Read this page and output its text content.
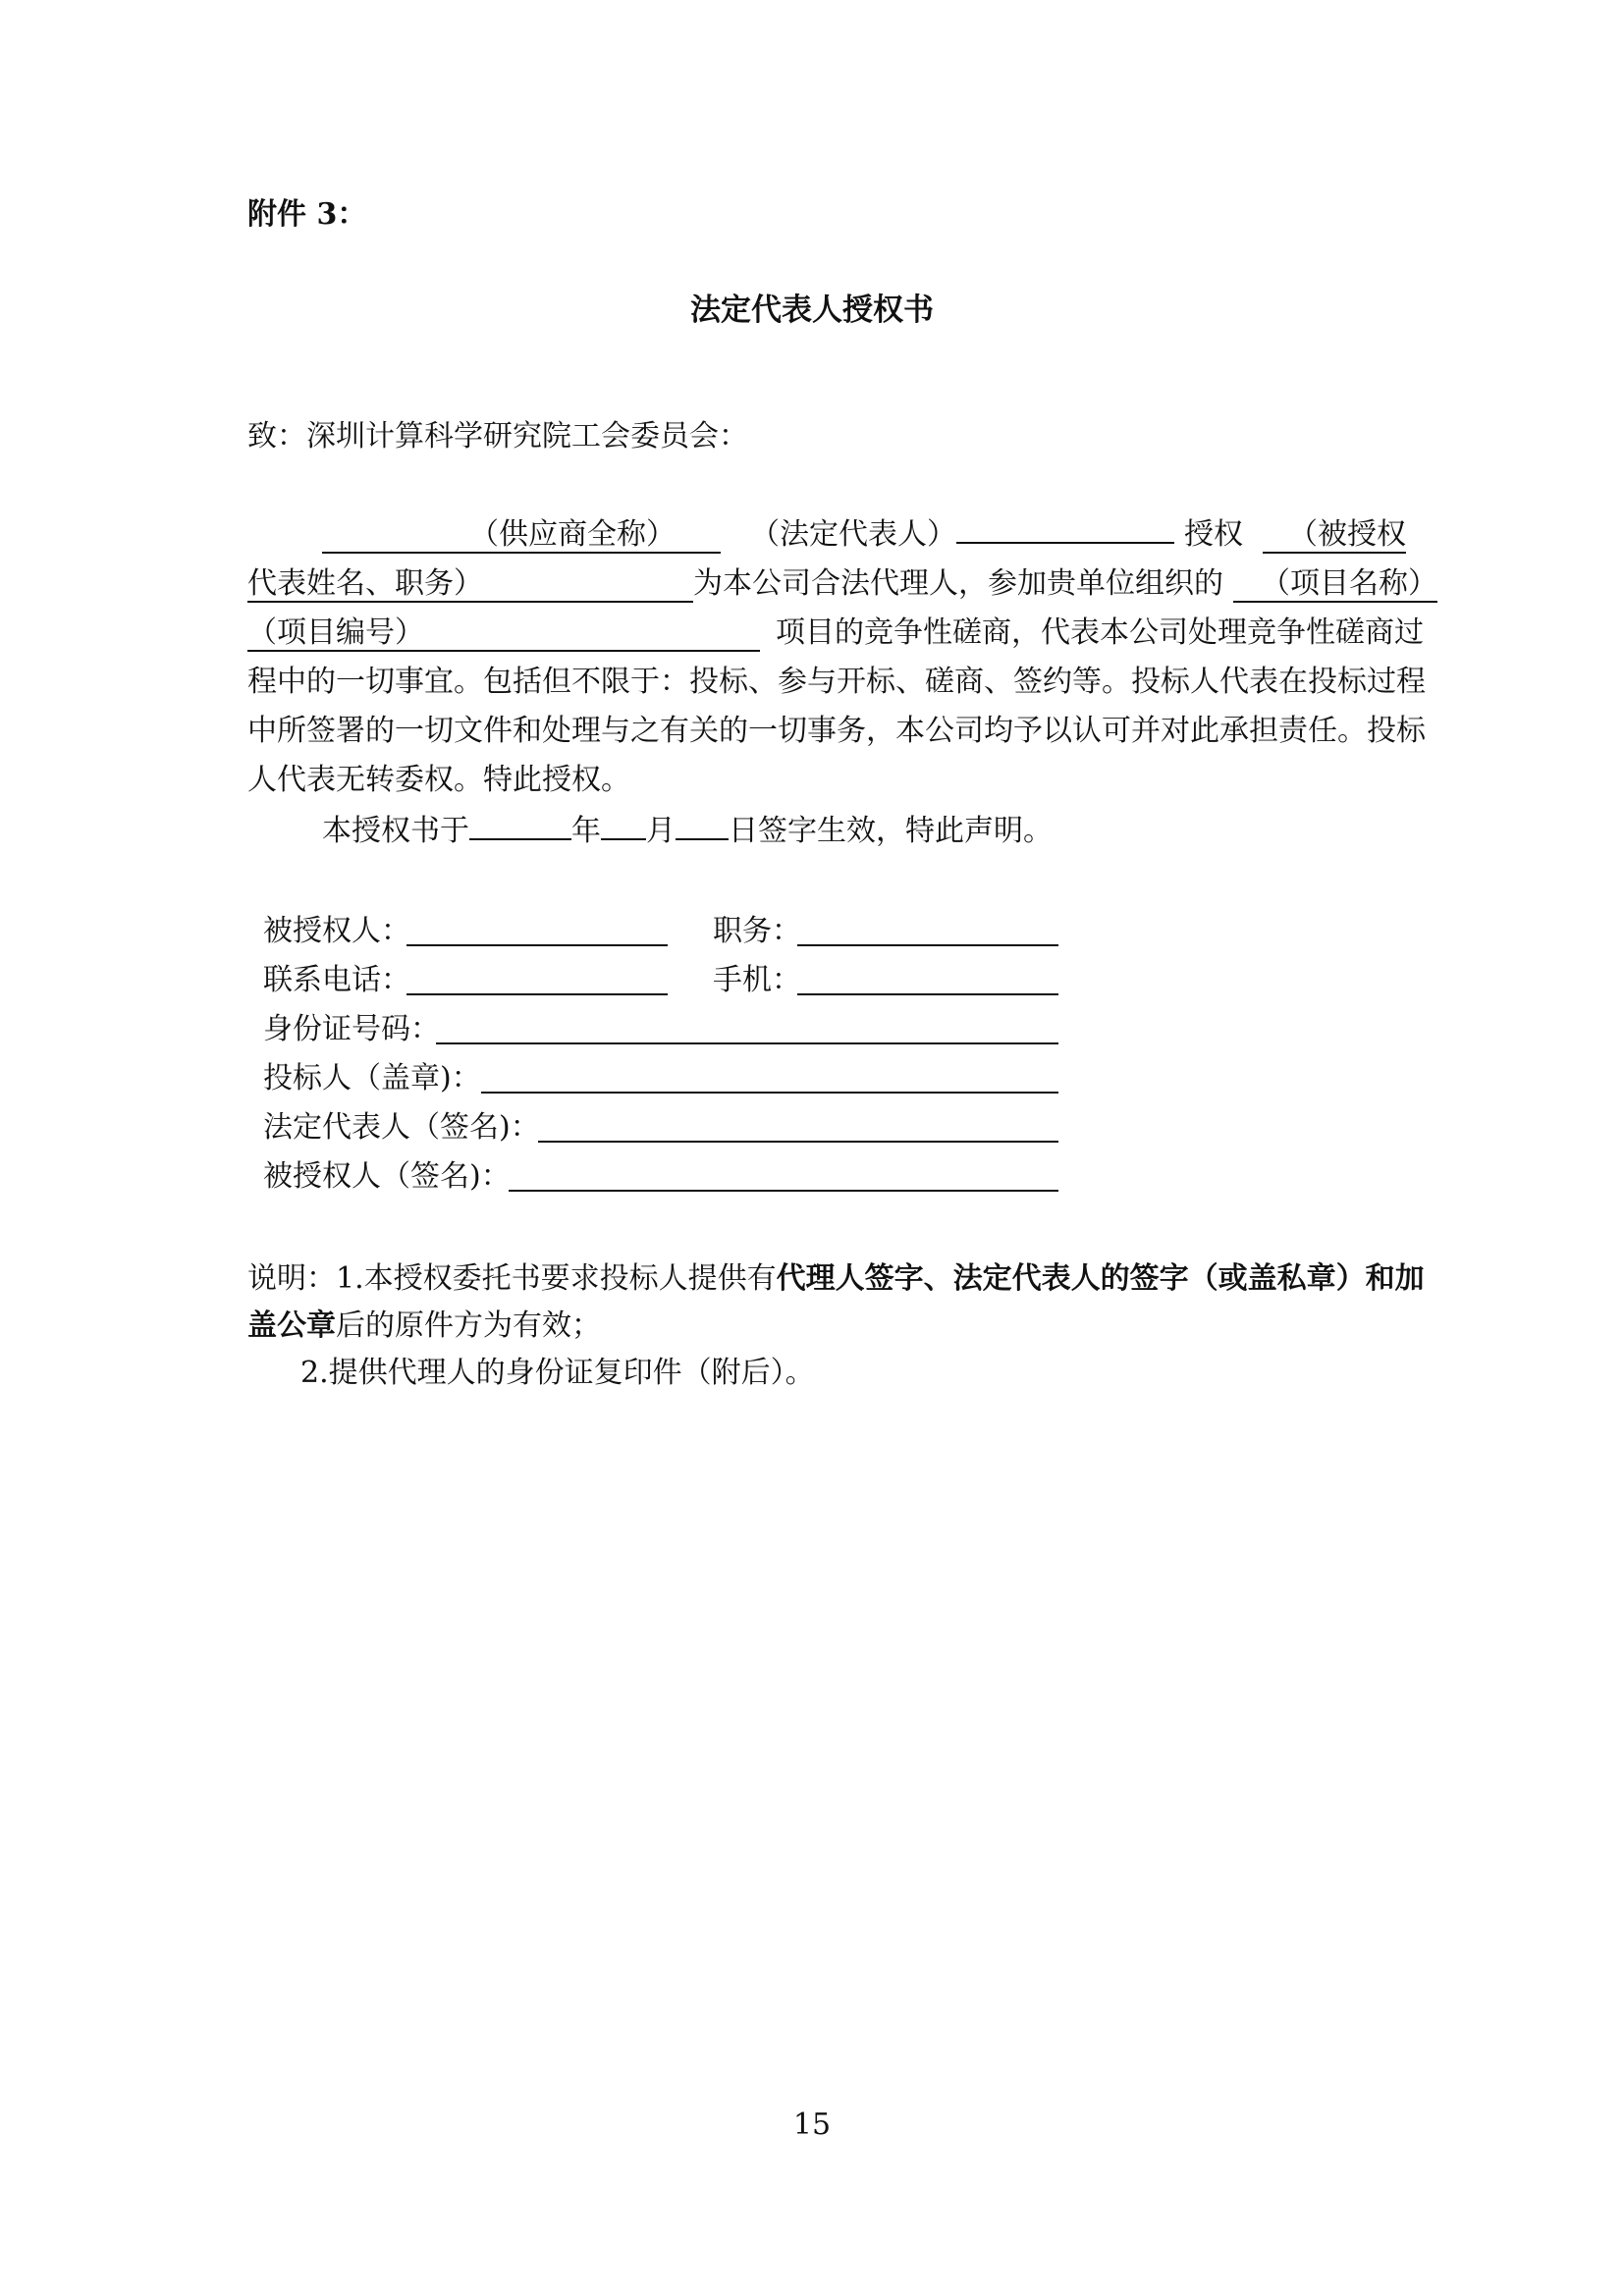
附件 3：
法定代表人授权书
致：深圳计算科学研究院工会委员会：
（供应商全称）	（法定代表人）	授权 （被授权
代表姓名、职务）	为本公司合法代理人，参加贵单位组织的 （项目名称）
（项目编号）	项目的竞争性磋商，代表本公司处理竞争性磋商过
程中的一切事宜。包括但不限于：投标、参与开标、磋商、签约等。投标人代表在投标过程
中所签署的一切文件和处理与之有关的一切事务，本公司均予以认可并对此承担责任。投标
人代表无转委权。特此授权。
本授权书于	年 月 日签字生效，特此声明。
被授权人：	职务：
联系电话：	手机：
身份证号码：
投标人（盖章)：
法定代表人（签名)：
被授权人（签名)：
说明：1.本授权委托书要求投标人提供有代理人签字、法定代表人的签字（或盖私章）和加
盖公章后的原件方为有效；
2.提供代理人的身份证复印件（附后）。
15
